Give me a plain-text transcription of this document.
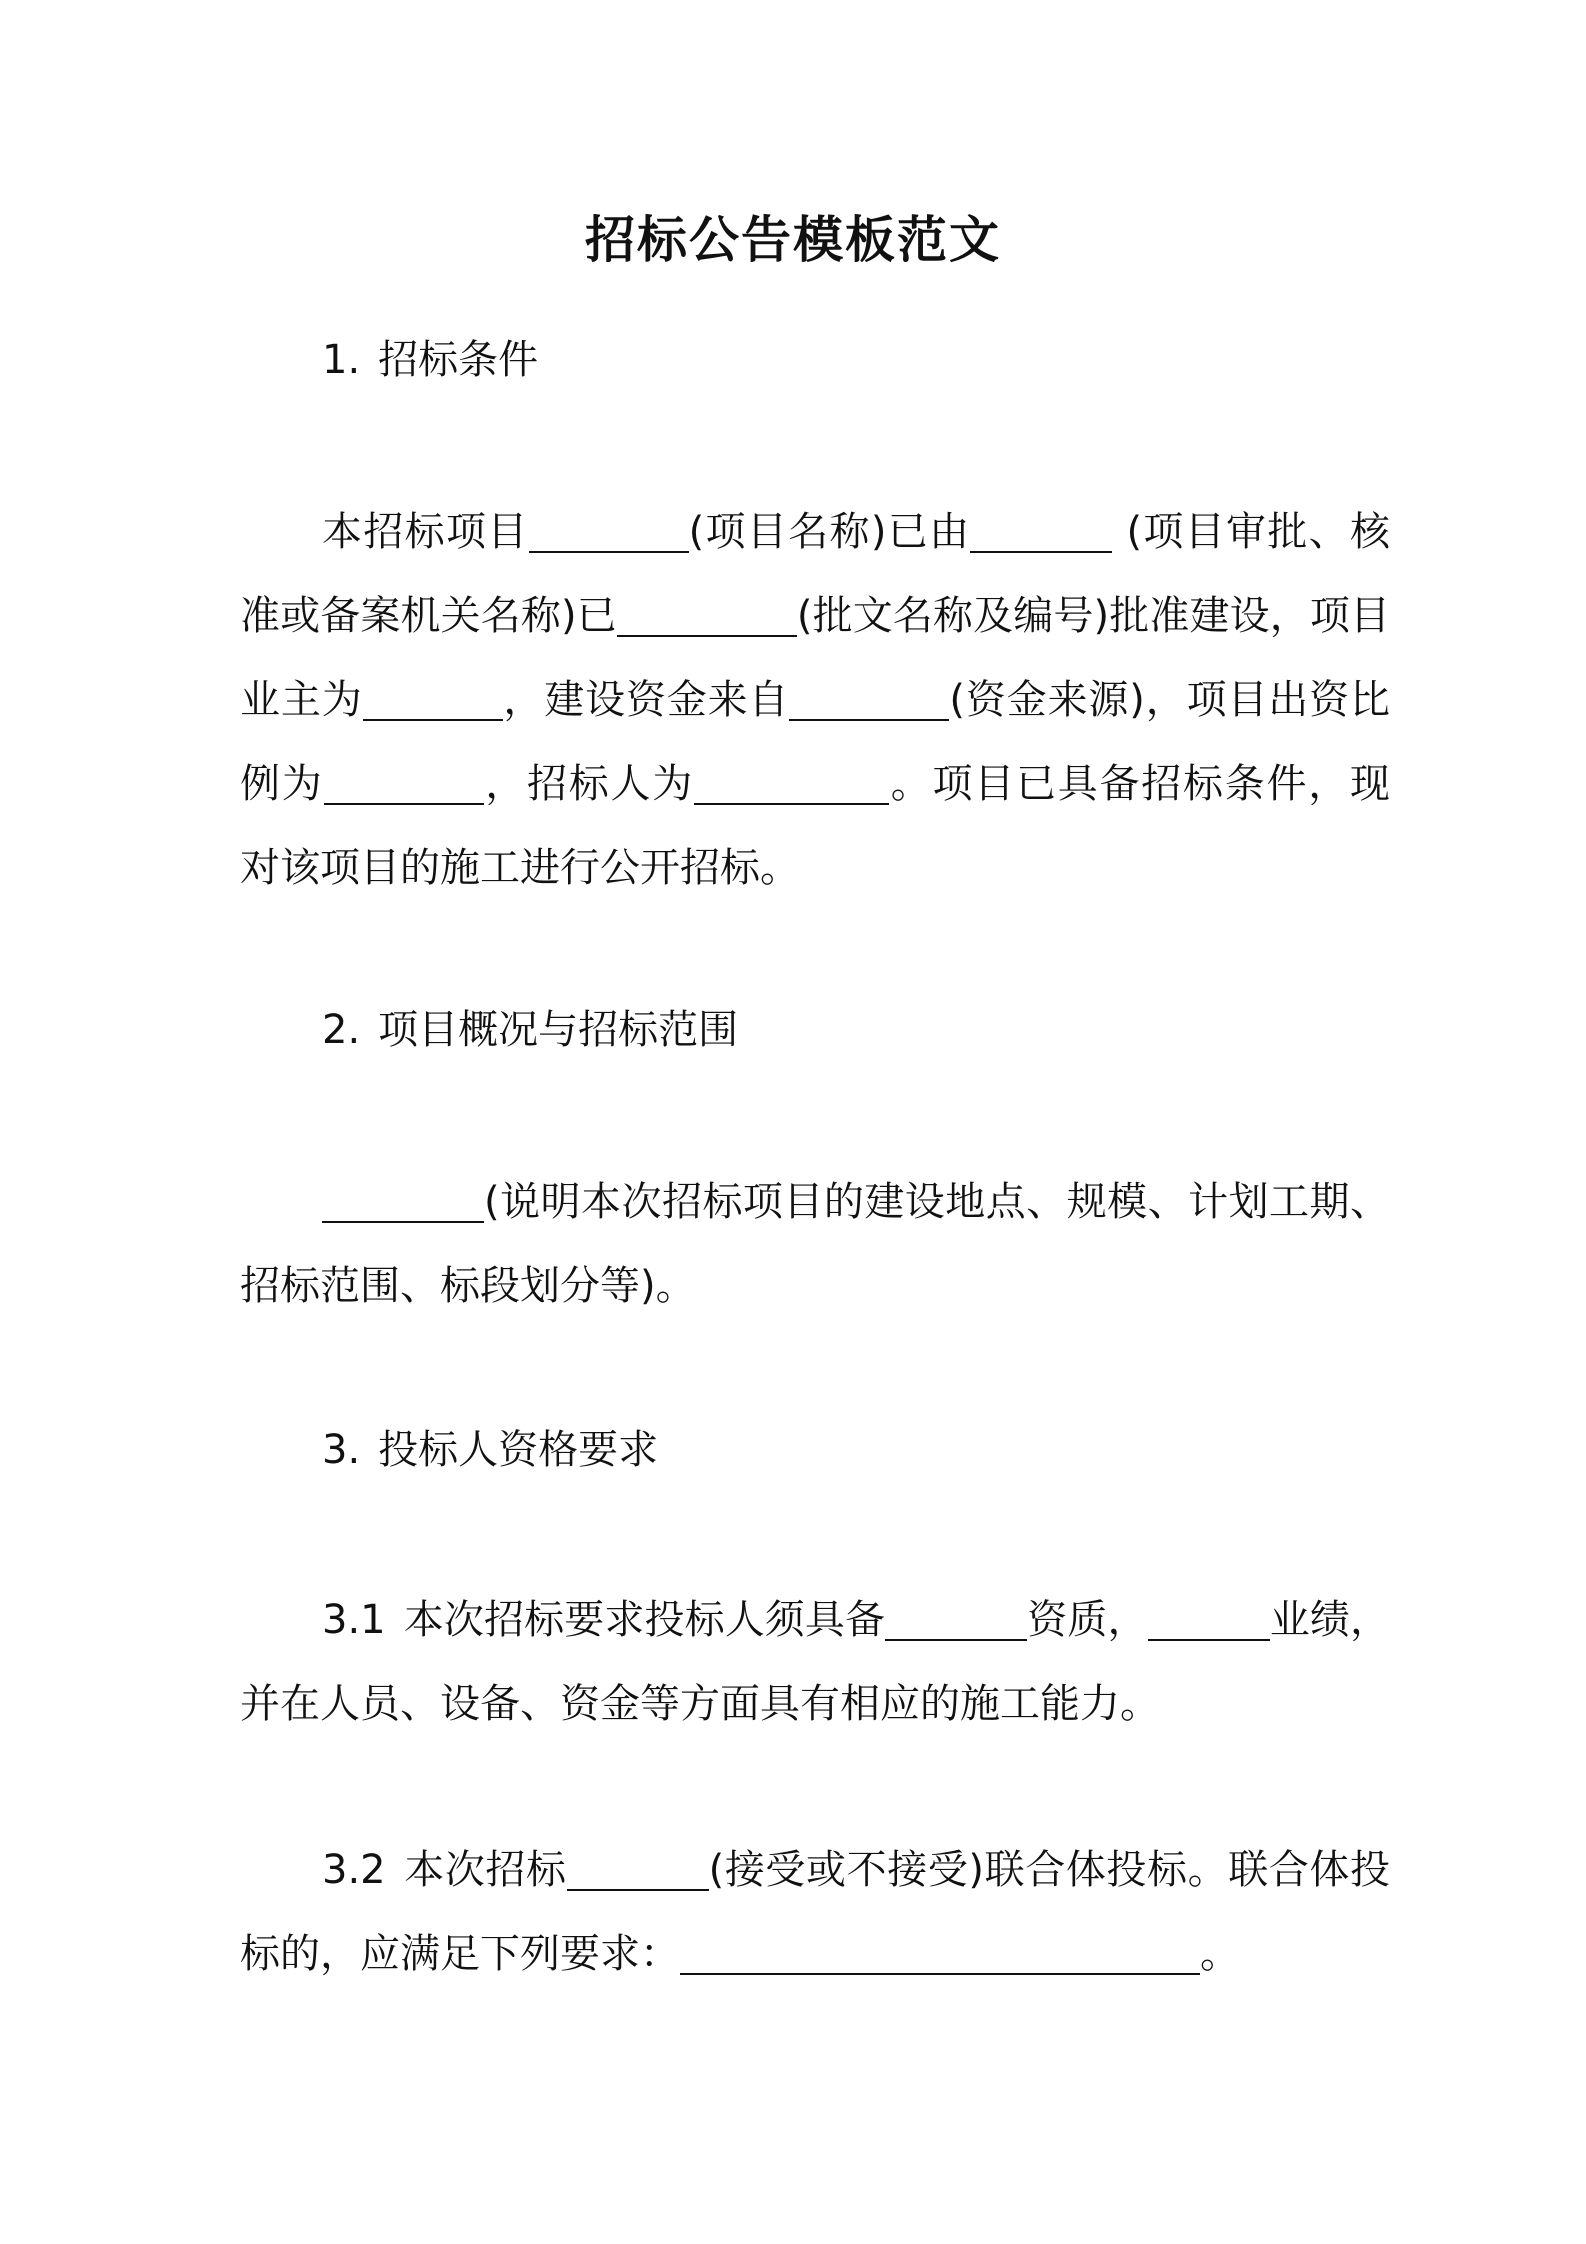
招标公告模板范文
1. 招标条件
本招标项目	(项目名称)已由	(项目审批、核准或备案机关名称)已	(批文名称及编号)批准建设，项目业主为	，建设资金来自	(资金来源)，项目出资比例为	，招标人为	。项目已具备招标条件，现对该项目的施工进行公开招标。
2. 项目概况与招标范围
(说明本次招标项目的建设地点、规模、计划工期、招标范围、标段划分等)。
3. 投标人资格要求
3.1 本次招标要求投标人须具备	资质，	业绩，并在人员、设备、资金等方面具有相应的施工能力。
3.2 本次招标	(接受或不接受)联合体投标。联合体投标的，应满足下列要求：	。
